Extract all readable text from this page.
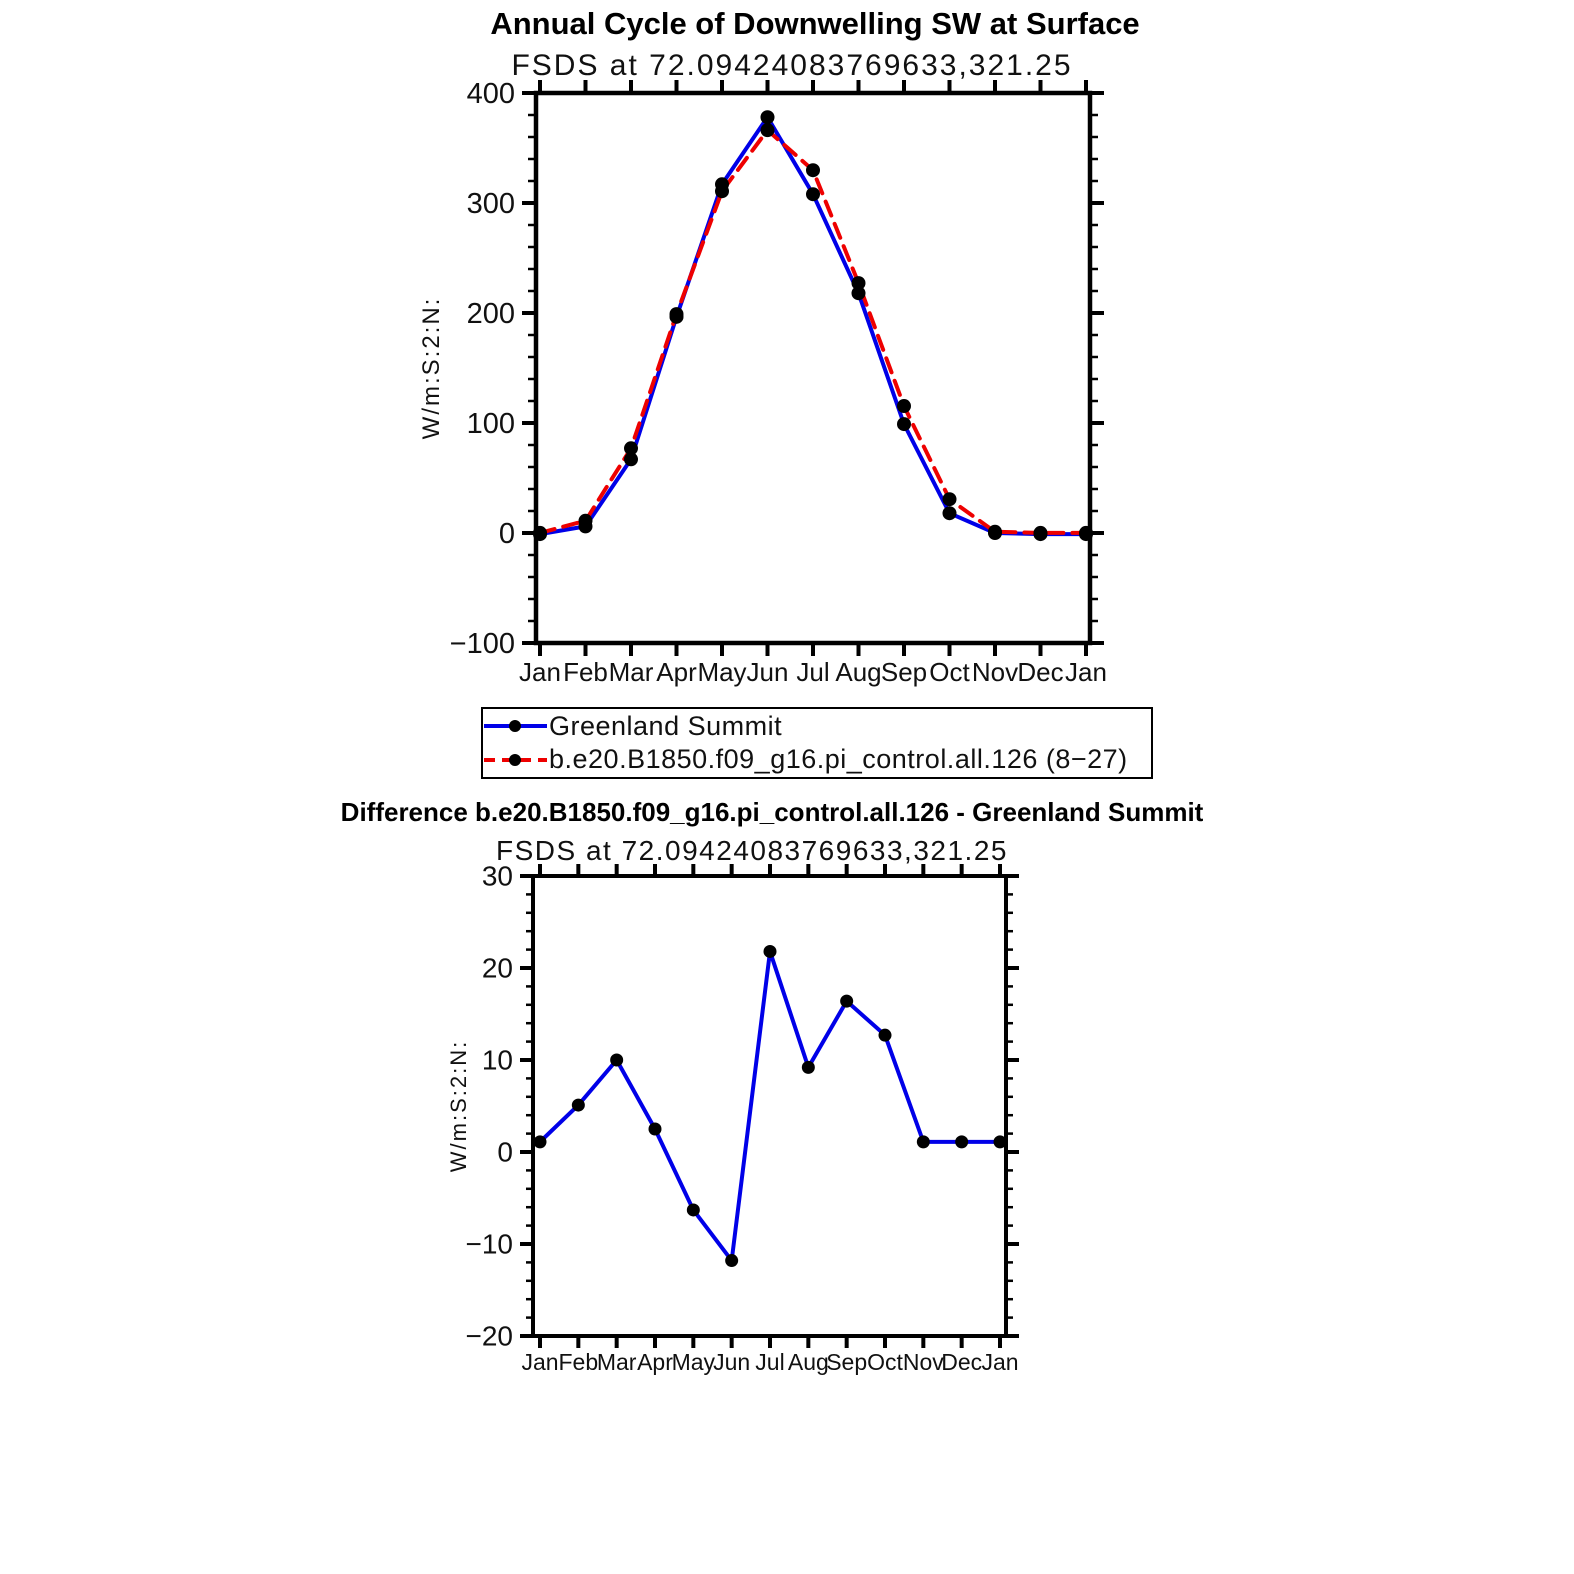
Annual Cycle of Downwelling SW at Surface
FSDS at 72.09424083769633,321.25
W/m:S:2:N:
−100
0
100
200
300
400
Jan Feb Mar Apr May Jun Jul Aug Sep Oct Nov Dec Jan
Greenland Summit
b.e20.B1850.f09_g16.pi_control.all.126 (8−27)
Difference b.e20.B1850.f09_g16.pi_control.all.126 - Greenland Summit
FSDS at 72.09424083769633,321.25
W/m:S:2:N:
−20
−10
0
10
20
30
Jan Feb
Mar Apr
May
Jun Jul Aug
Sep Oct Nov
Dec Jan
